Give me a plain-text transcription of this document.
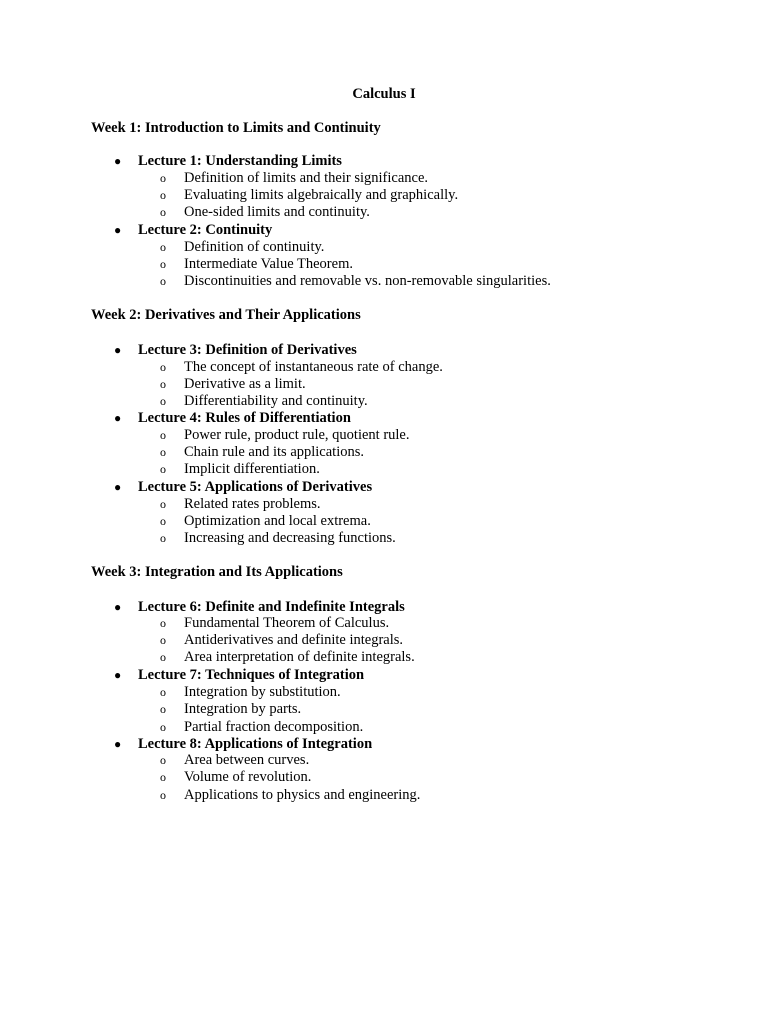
Calculus I
Week 1: Introduction to Limits and Continuity
● Lecture 1: Understanding Limits
o Definition of limits and their significance.
o Evaluating limits algebraically and graphically.
o One-sided limits and continuity.
● Lecture 2: Continuity
o Definition of continuity.
o Intermediate Value Theorem.
o Discontinuities and removable vs. non-removable singularities.
Week 2: Derivatives and Their Applications
● Lecture 3: Definition of Derivatives
o The concept of instantaneous rate of change.
o Derivative as a limit.
o Differentiability and continuity.
● Lecture 4: Rules of Differentiation
o Power rule, product rule, quotient rule.
o Chain rule and its applications.
o Implicit differentiation.
● Lecture 5: Applications of Derivatives
o Related rates problems.
o Optimization and local extrema.
o Increasing and decreasing functions.
Week 3: Integration and Its Applications
● Lecture 6: Definite and Indefinite Integrals
o Fundamental Theorem of Calculus.
o Antiderivatives and definite integrals.
o Area interpretation of definite integrals.
● Lecture 7: Techniques of Integration
o Integration by substitution.
o Integration by parts.
o Partial fraction decomposition.
● Lecture 8: Applications of Integration
o Area between curves.
o Volume of revolution.
o Applications to physics and engineering.
